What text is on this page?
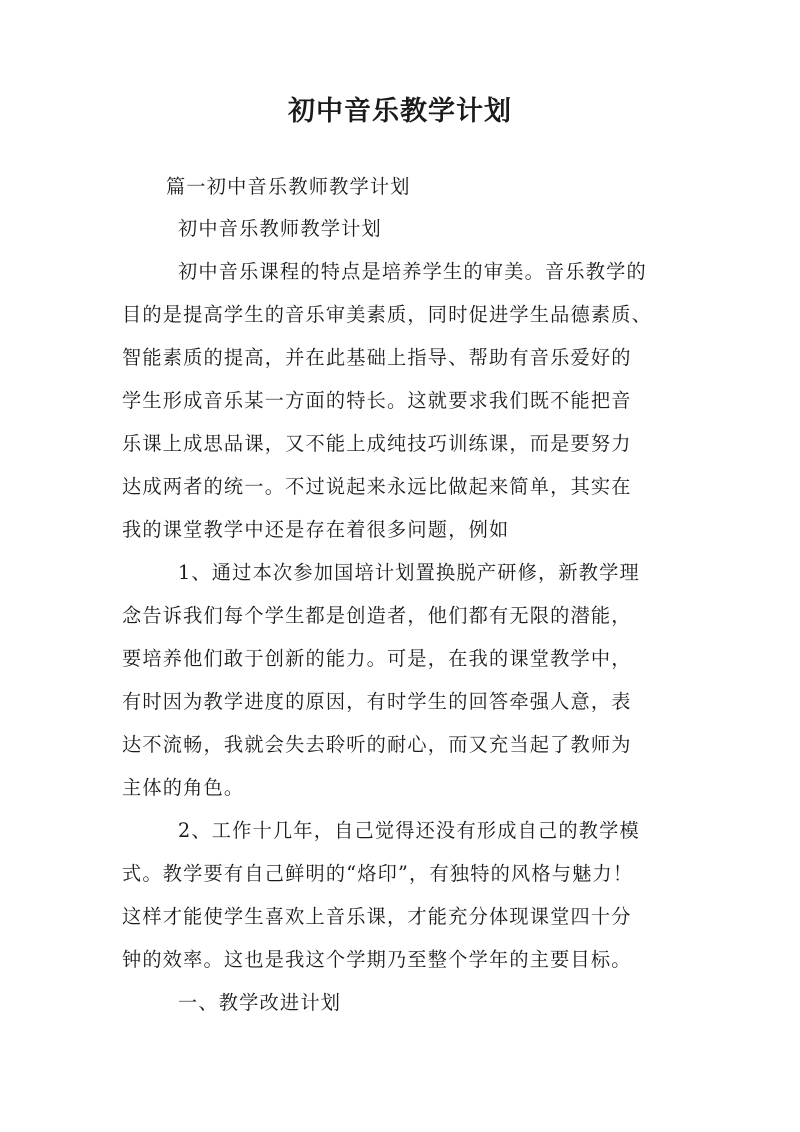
初中音乐教学计划
篇一初中音乐教师教学计划
初中音乐教师教学计划
初中音乐课程的特点是培养学生的审美。音乐教学的
目的是提高学生的音乐审美素质，同时促进学生品德素质、
智能素质的提高，并在此基础上指导、帮助有音乐爱好的
学生形成音乐某一方面的特长。这就要求我们既不能把音
乐课上成思品课，又不能上成纯技巧训练课，而是要努力
达成两者的统一。不过说起来永远比做起来简单，其实在
我的课堂教学中还是存在着很多问题，例如
1、通过本次参加国培计划置换脱产研修，新教学理
念告诉我们每个学生都是创造者，他们都有无限的潜能，
要培养他们敢于创新的能力。可是，在我的课堂教学中，
有时因为教学进度的原因，有时学生的回答牵强人意，表
达不流畅，我就会失去聆听的耐心，而又充当起了教师为
主体的角色。
2、工作十几年，自己觉得还没有形成自己的教学模
式。教学要有自己鲜明的“烙印”，有独特的风格与魅力！
这样才能使学生喜欢上音乐课，才能充分体现课堂四十分
钟的效率。这也是我这个学期乃至整个学年的主要目标。
一、教学改进计划
